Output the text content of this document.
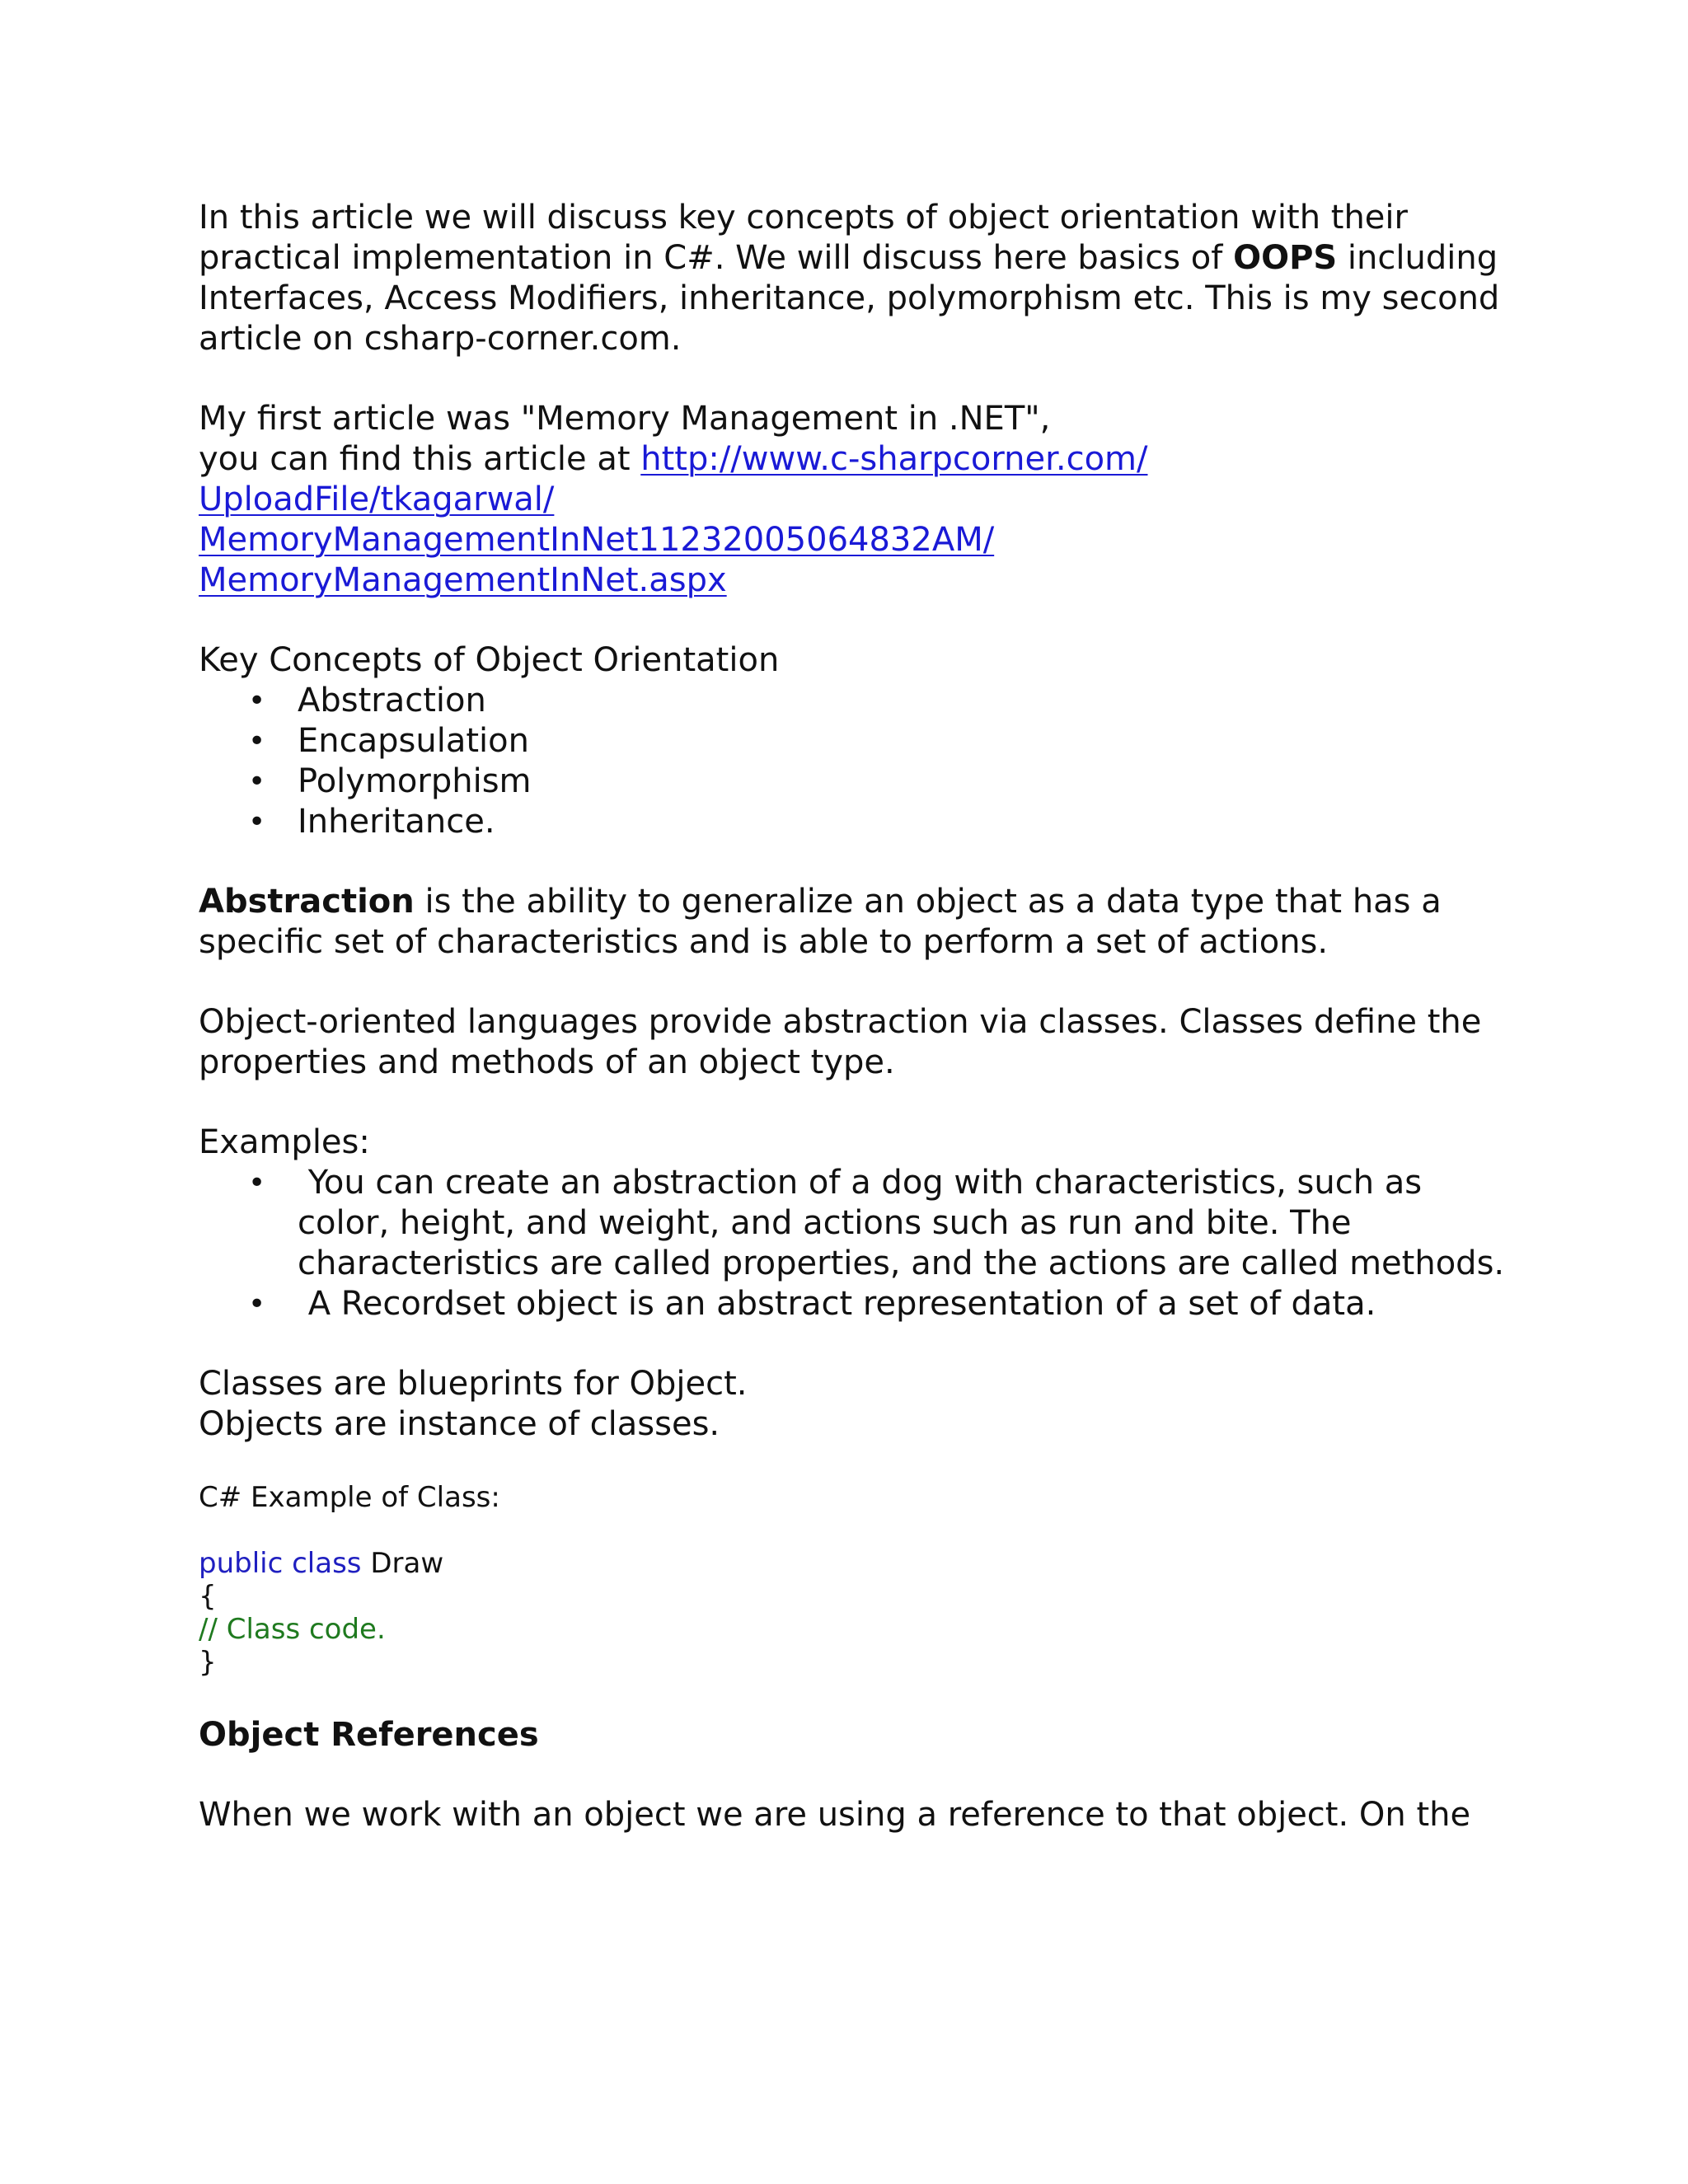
In this article we will discuss key concepts of object orientation with their practical implementation in C#. We will discuss here basics of OOPS including Interfaces, Access Modifiers, inheritance, polymorphism etc. This is my second article on csharp-corner.com.

My first article was "Memory Management in .NET",
you can find this article at http://www.c-sharpcorner.com/
UploadFile/tkagarwal/
MemoryManagementInNet11232005064832AM/
MemoryManagementInNet.aspx

Key Concepts of Object Orientation

• Abstraction
• Encapsulation
• Polymorphism
• Inheritance.

Abstraction is the ability to generalize an object as a data type that has a specific set of characteristics and is able to perform a set of actions.

Object-oriented languages provide abstraction via classes. Classes define the properties and methods of an object type.

Examples:

• You can create an abstraction of a dog with characteristics, such as color, height, and weight, and actions such as run and bite. The characteristics are called properties, and the actions are called methods.
• A Recordset object is an abstract representation of a set of data.

Classes are blueprints for Object.
Objects are instance of classes.

C# Example of Class:

public class Draw
{
// Class code.
}
Object References

When we work with an object we are using a reference to that object. On the
